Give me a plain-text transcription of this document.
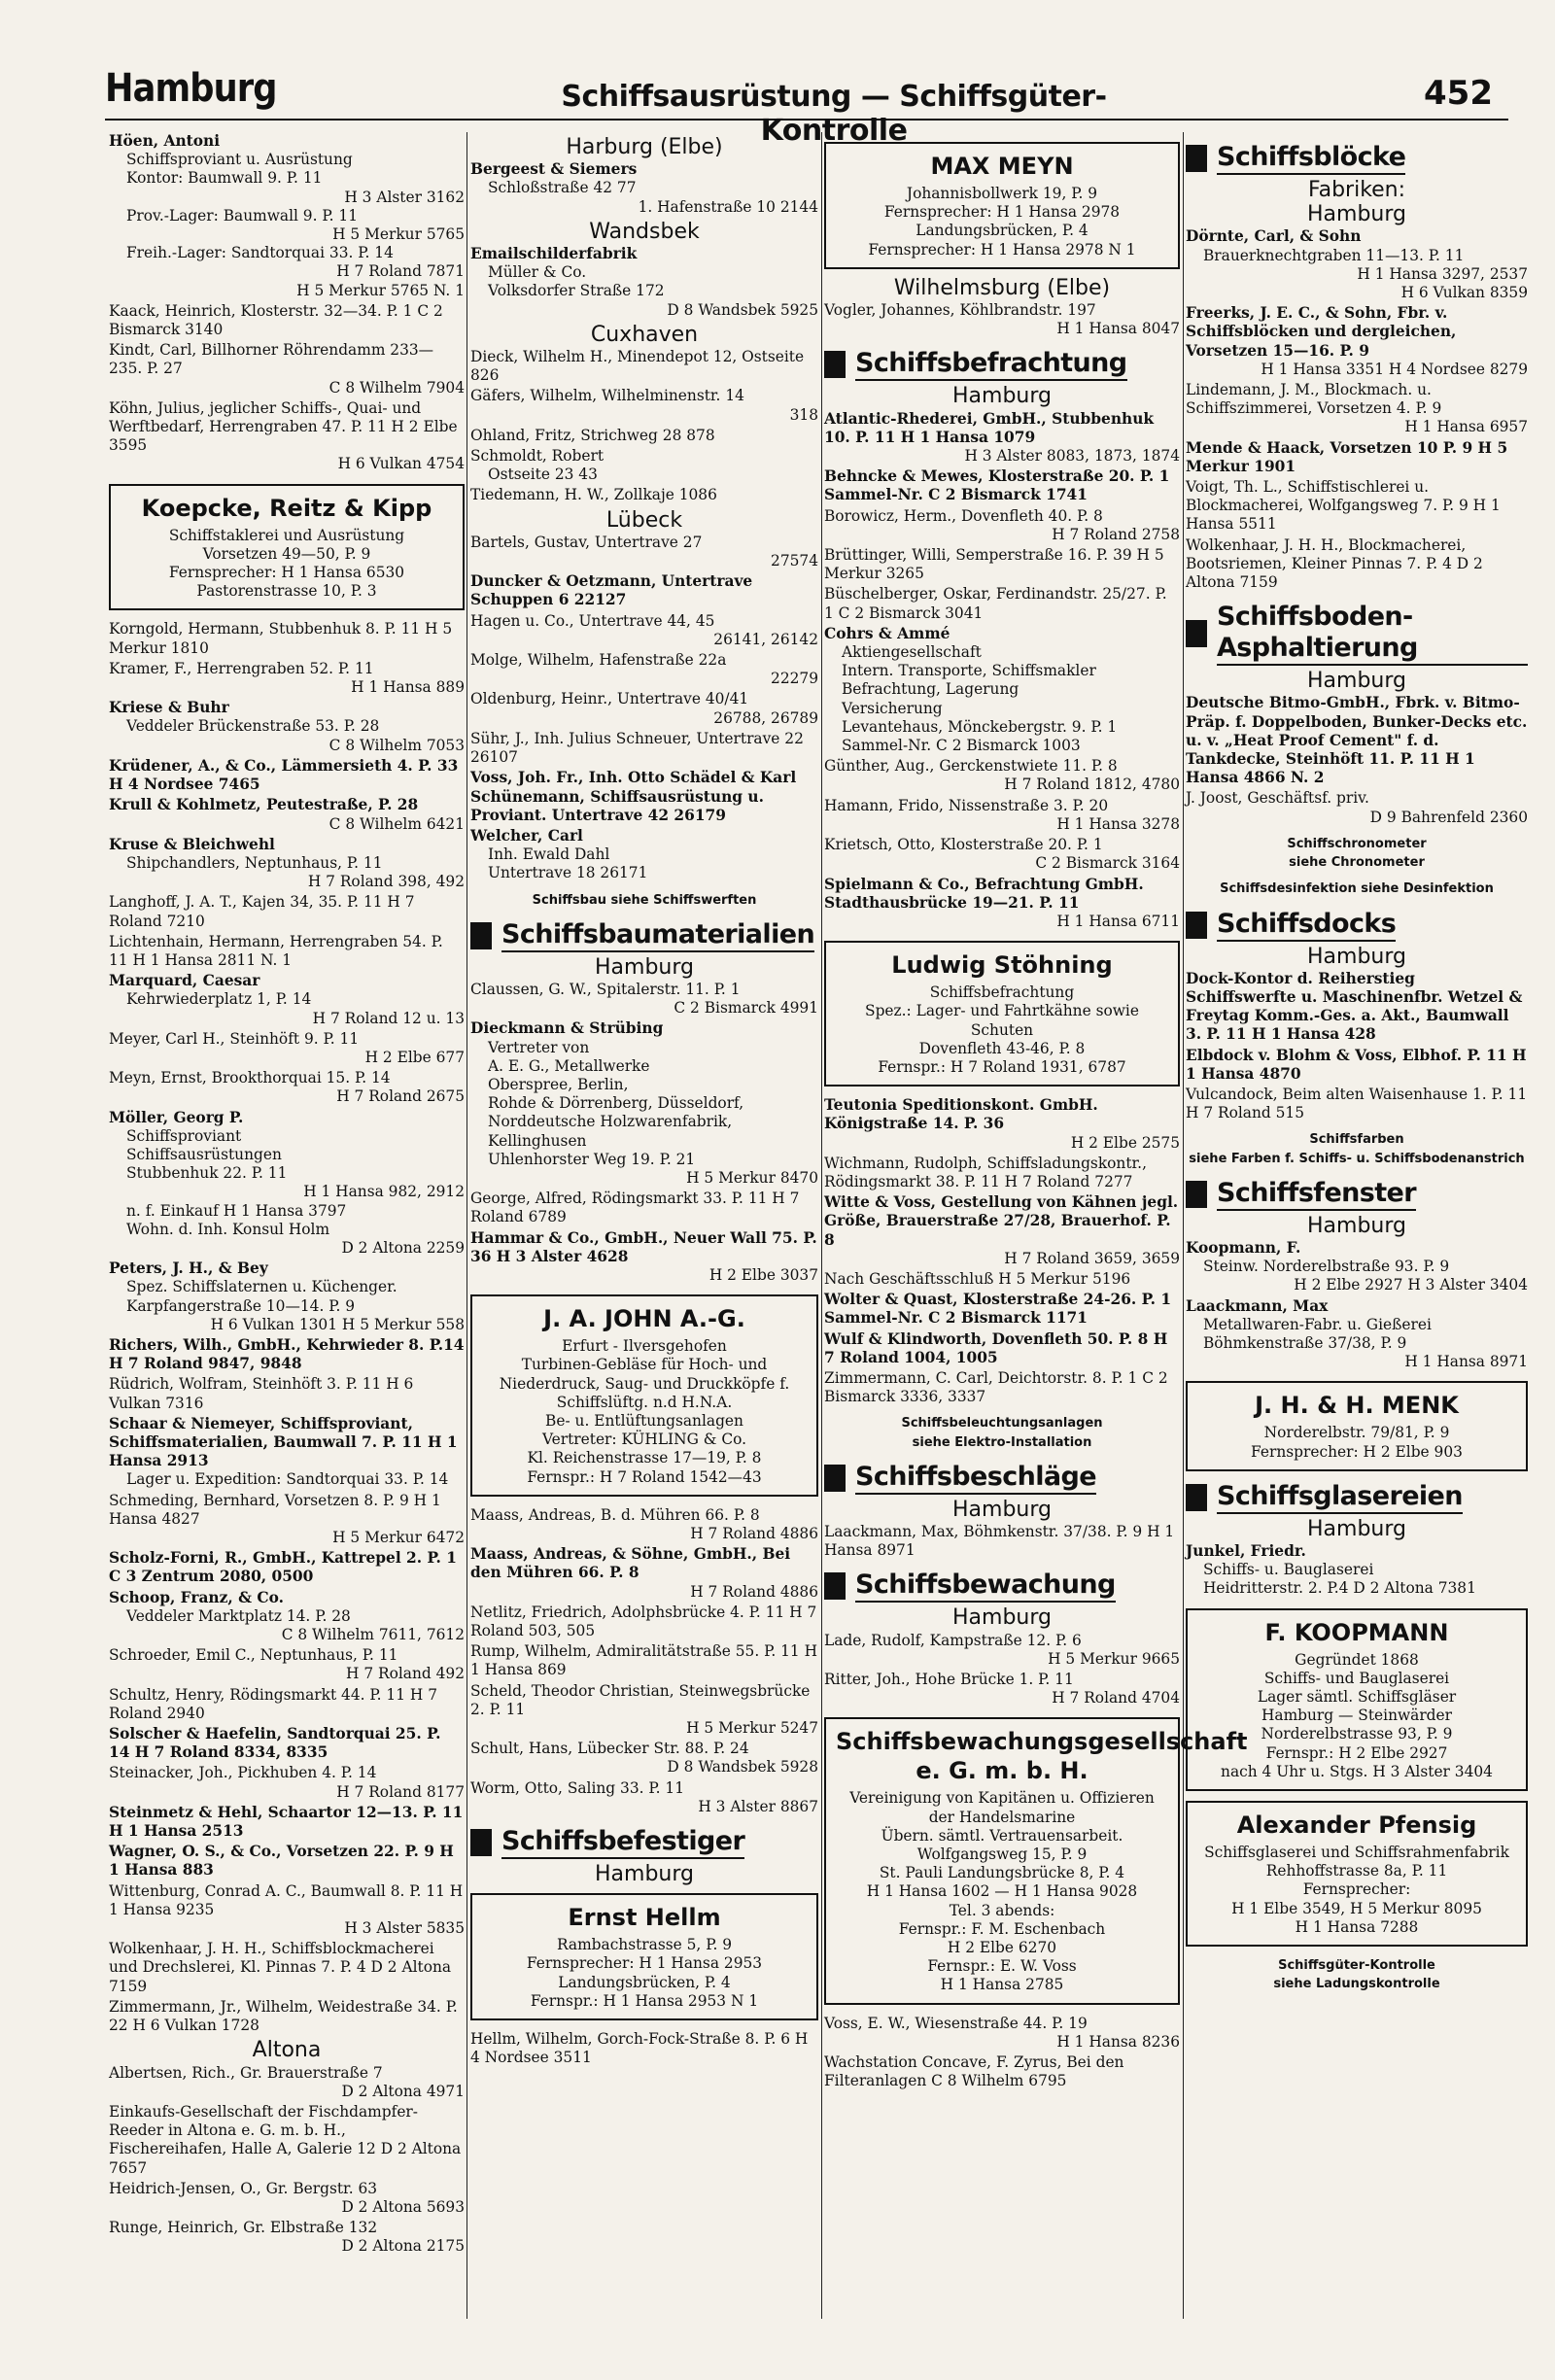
Hamburg	Schiffsausrüstung — Schiffsgüter-Kontrolle
452
Höen, Antoni
Schiffsproviant u. Ausrüstung
Kontor: Baumwall 9. P. 11
H 3 Alster 3162
Prov.-Lager: Baumwall 9. P. 11
H 5 Merkur 5765
Freih.-Lager: Sandtorquai 33. P. 14
H 7 Roland 7871
H 5 Merkur 5765 N. 1
Kaack, Heinrich, Klosterstr. 32—34. P. 1 C 2 Bismarck 3140
Kindt, Carl, Billhorner Röhrendamm 233—235. P. 27
C 8 Wilhelm 7904
Köhn, Julius, jeglicher Schiffs-, Quai- und Werftbedarf, Herrengraben 47. P. 11 H 2 Elbe 3595
H 6 Vulkan 4754
Koepcke, Reitz & Kipp
Schiffstaklerei und Ausrüstung
Vorsetzen 49—50, P. 9
Fernsprecher: H 1 Hansa 6530
Pastorenstrasse 10, P. 3
Korngold, Hermann, Stubbenhuk 8. P. 11 H 5 Merkur 1810
Kramer, F., Herrengraben 52. P. 11
H 1 Hansa 889
Kriese & Buhr
Veddeler Brückenstraße 53. P. 28
C 8 Wilhelm 7053
Krüdener, A., & Co., Lämmersieth 4. P. 33 H 4 Nordsee 7465
Krull & Kohlmetz, Peutestraße, P. 28
C 8 Wilhelm 6421
Kruse & Bleichwehl
Shipchandlers, Neptunhaus, P. 11
H 7 Roland 398, 492
Langhoff, J. A. T., Kajen 34, 35. P. 11 H 7 Roland 7210
Lichtenhain, Hermann, Herrengraben 54. P. 11 H 1 Hansa 2811 N. 1
Marquard, Caesar
Kehrwiederplatz 1, P. 14
H 7 Roland 12 u. 13
Meyer, Carl H., Steinhöft 9. P. 11
H 2 Elbe 677
Meyn, Ernst, Brookthorquai 15. P. 14
H 7 Roland 2675
Möller, Georg P.
Schiffsproviant
Schiffsausrüstungen
Stubbenhuk 22. P. 11
H 1 Hansa 982, 2912
n. f. Einkauf H 1 Hansa 3797
Wohn. d. Inh. Konsul Holm
D 2 Altona 2259
Peters, J. H., & Bey
Spez. Schiffslaternen u. Küchenger.
Karpfangerstraße 10—14. P. 9
H 6 Vulkan 1301 H 5 Merkur 558
Richers, Wilh., GmbH., Kehrwieder 8. P.14 H 7 Roland 9847, 9848
Rüdrich, Wolfram, Steinhöft 3. P. 11 H 6 Vulkan 7316
Schaar & Niemeyer, Schiffsproviant, Schiffsmaterialien, Baumwall 7. P. 11 H 1 Hansa 2913
Lager u. Expedition: Sandtorquai 33. P. 14
Schmeding, Bernhard, Vorsetzen 8. P. 9 H 1 Hansa 4827
H 5 Merkur 6472
Scholz-Forni, R., GmbH., Kattrepel 2. P. 1 C 3 Zentrum 2080, 0500
Schoop, Franz, & Co.
Veddeler Marktplatz 14. P. 28
C 8 Wilhelm 7611, 7612
Schroeder, Emil C., Neptunhaus, P. 11
H 7 Roland 492
Schultz, Henry, Rödingsmarkt 44. P. 11 H 7 Roland 2940
Solscher & Haefelin, Sandtorquai 25. P. 14 H 7 Roland 8334, 8335
Steinacker, Joh., Pickhuben 4. P. 14
H 7 Roland 8177
Steinmetz & Hehl, Schaartor 12—13. P. 11 H 1 Hansa 2513
Wagner, O. S., & Co., Vorsetzen 22. P. 9 H 1 Hansa 883
Wittenburg, Conrad A. C., Baumwall 8. P. 11 H 1 Hansa 9235
H 3 Alster 5835
Wolkenhaar, J. H. H., Schiffsblockmacherei und Drechslerei, Kl. Pinnas 7. P. 4 D 2 Altona 7159
Zimmermann, Jr., Wilhelm, Weidestraße 34. P. 22 H 6 Vulkan 1728
Altona
Albertsen, Rich., Gr. Brauerstraße 7
D 2 Altona 4971
Einkaufs-Gesellschaft der Fischdampfer-Reeder in Altona e. G. m. b. H., Fischereihafen, Halle A, Galerie 12 D 2 Altona 7657
Heidrich-Jensen, O., Gr. Bergstr. 63
D 2 Altona 5693
Runge, Heinrich, Gr. Elbstraße 132
D 2 Altona 2175
Harburg (Elbe)
Bergeest & Siemers
Schloßstraße 42 77
1. Hafenstraße 10 2144
Wandsbek
Emailschilderfabrik
Müller & Co.
Volksdorfer Straße 172
D 8 Wandsbek 5925
Cuxhaven
Dieck, Wilhelm H., Minendepot 12, Ostseite 826
Gäfers, Wilhelm, Wilhelminenstr. 14
318
Ohland, Fritz, Strichweg 28 878
Schmoldt, Robert
Ostseite 23 43
Tiedemann, H. W., Zollkaje 1086
Lübeck
Bartels, Gustav, Untertrave 27
27574
Duncker & Oetzmann, Untertrave Schuppen 6 22127
Hagen u. Co., Untertrave 44, 45
26141, 26142
Molge, Wilhelm, Hafenstraße 22a
22279
Oldenburg, Heinr., Untertrave 40/41
26788, 26789
Sühr, J., Inh. Julius Schneuer, Untertrave 22 26107
Voss, Joh. Fr., Inh. Otto Schädel & Karl Schünemann, Schiffsausrüstung u. Proviant. Untertrave 42 26179
Welcher, Carl
Inh. Ewald Dahl
Untertrave 18 26171
Schiffsbau siehe Schiffswerften
Schiffsbaumaterialien
Hamburg
Claussen, G. W., Spitalerstr. 11. P. 1
C 2 Bismarck 4991
Dieckmann & Strübing
Vertreter von
A. E. G., Metallwerke
Oberspree, Berlin,
Rohde & Dörrenberg, Düsseldorf,
Norddeutsche Holzwarenfabrik,
Kellinghusen
Uhlenhorster Weg 19. P. 21
H 5 Merkur 8470
George, Alfred, Rödingsmarkt 33. P. 11 H 7 Roland 6789
Hammar & Co., GmbH., Neuer Wall 75. P. 36 H 3 Alster 4628
H 2 Elbe 3037
J. A. JOHN A.-G.
Erfurt - Ilversgehofen
Turbinen-Gebläse für Hoch- und Niederdruck, Saug- und Druckköpfe f. Schiffslüftg. n.d H.N.A.
Be- u. Entlüftungsanlagen
Vertreter: KÜHLING & Co.
Kl. Reichenstrasse 17—19, P. 8
Fernspr.: H 7 Roland 1542—43
Maass, Andreas, B. d. Mühren 66. P. 8
H 7 Roland 4886
Maass, Andreas, & Söhne, GmbH., Bei den Mühren 66. P. 8
H 7 Roland 4886
Netlitz, Friedrich, Adolphsbrücke 4. P. 11 H 7 Roland 503, 505
Rump, Wilhelm, Admiralitätstraße 55. P. 11 H 1 Hansa 869
Scheld, Theodor Christian, Steinwegsbrücke 2. P. 11
H 5 Merkur 5247
Schult, Hans, Lübecker Str. 88. P. 24
D 8 Wandsbek 5928
Worm, Otto, Saling 33. P. 11
H 3 Alster 8867
Schiffsbefestiger
Hamburg
Ernst Hellm
Rambachstrasse 5, P. 9
Fernsprecher: H 1 Hansa 2953
Landungsbrücken, P. 4
Fernspr.: H 1 Hansa 2953 N 1
Hellm, Wilhelm, Gorch-Fock-Straße 8. P. 6 H 4 Nordsee 3511
MAX MEYN
Johannisbollwerk 19, P. 9
Fernsprecher: H 1 Hansa 2978
Landungsbrücken, P. 4
Fernsprecher: H 1 Hansa 2978 N 1
Wilhelmsburg (Elbe)
Vogler, Johannes, Köhlbrandstr. 197
H 1 Hansa 8047
Schiffsbefrachtung
Hamburg
Atlantic-Rhederei, GmbH., Stubbenhuk 10. P. 11 H 1 Hansa 1079
H 3 Alster 8083, 1873, 1874
Behncke & Mewes, Klosterstraße 20. P. 1 Sammel-Nr. C 2 Bismarck 1741
Borowicz, Herm., Dovenfleth 40. P. 8
H 7 Roland 2758
Brüttinger, Willi, Semperstraße 16. P. 39 H 5 Merkur 3265
Büschelberger, Oskar, Ferdinandstr. 25/27. P. 1 C 2 Bismarck 3041
Cohrs & Ammé
Aktiengesellschaft
Intern. Transporte, Schiffsmakler
Befrachtung, Lagerung
Versicherung
Levantehaus, Mönckebergstr. 9. P. 1
Sammel-Nr. C 2 Bismarck 1003
Günther, Aug., Gerckenstwiete 11. P. 8
H 7 Roland 1812, 4780
Hamann, Frido, Nissenstraße 3. P. 20
H 1 Hansa 3278
Krietsch, Otto, Klosterstraße 20. P. 1
C 2 Bismarck 3164
Spielmann & Co., Befrachtung GmbH. Stadthausbrücke 19—21. P. 11
H 1 Hansa 6711
Ludwig Stöhning
Schiffsbefrachtung
Spez.: Lager- und Fahrtkähne sowie Schuten
Dovenfleth 43-46, P. 8
Fernspr.: H 7 Roland 1931, 6787
Teutonia Speditionskont. GmbH. Königstraße 14. P. 36
H 2 Elbe 2575
Wichmann, Rudolph, Schiffsladungskontr., Rödingsmarkt 38. P. 11 H 7 Roland 7277
Witte & Voss, Gestellung von Kähnen jegl. Größe, Brauerstraße 27/28, Brauerhof. P. 8
H 7 Roland 3659, 3659
Nach Geschäftsschluß H 5 Merkur 5196
Wolter & Quast, Klosterstraße 24-26. P. 1 Sammel-Nr. C 2 Bismarck 1171
Wulf & Klindworth, Dovenfleth 50. P. 8 H 7 Roland 1004, 1005
Zimmermann, C. Carl, Deichtorstr. 8. P. 1 C 2 Bismarck 3336, 3337
Schiffsbeleuchtungsanlagen
siehe Elektro-Installation
Schiffsbeschläge
Hamburg
Laackmann, Max, Böhmkenstr. 37/38. P. 9 H 1 Hansa 8971
Schiffsbewachung
Hamburg
Lade, Rudolf, Kampstraße 12. P. 6
H 5 Merkur 9665
Ritter, Joh., Hohe Brücke 1. P. 11
H 7 Roland 4704
Schiffsbewachungsgesellschaft e. G. m. b. H.
Vereinigung von Kapitänen u. Offizieren der Handelsmarine
Übern. sämtl. Vertrauensarbeit.
Wolfgangsweg 15, P. 9
St. Pauli Landungsbrücke 8, P. 4
H 1 Hansa 1602 — H 1 Hansa 9028
Tel. 3 abends:
Fernspr.: F. M. Eschenbach
H 2 Elbe 6270
Fernspr.: E. W. Voss
H 1 Hansa 2785
Voss, E. W., Wiesenstraße 44. P. 19
H 1 Hansa 8236
Wachstation Concave, F. Zyrus, Bei den Filteranlagen C 8 Wilhelm 6795
Schiffsblöcke
Fabriken:
Hamburg
Dörnte, Carl, & Sohn
Brauerknechtgraben 11—13. P. 11
H 1 Hansa 3297, 2537
H 6 Vulkan 8359
Freerks, J. E. C., & Sohn, Fbr. v. Schiffsblöcken und dergleichen, Vorsetzen 15—16. P. 9
H 1 Hansa 3351 H 4 Nordsee 8279
Lindemann, J. M., Blockmach. u. Schiffszimmerei, Vorsetzen 4. P. 9
H 1 Hansa 6957
Mende & Haack, Vorsetzen 10 P. 9 H 5 Merkur 1901
Voigt, Th. L., Schiffstischlerei u. Blockmacherei, Wolfgangsweg 7. P. 9 H 1 Hansa 5511
Wolkenhaar, J. H. H., Blockmacherei, Bootsriemen, Kleiner Pinnas 7. P. 4 D 2 Altona 7159
Schiffsboden-Asphaltierung
Hamburg
Deutsche Bitmo-GmbH., Fbrk. v. Bitmo-Präp. f. Doppelboden, Bunker-Decks etc. u. v. „Heat Proof Cement" f. d. Tankdecke, Steinhöft 11. P. 11 H 1 Hansa 4866 N. 2
J. Joost, Geschäftsf. priv.
D 9 Bahrenfeld 2360
Schiffschronometer
siehe Chronometer
Schiffsdesinfektion siehe Desinfektion
Schiffsdocks
Hamburg
Dock-Kontor d. Reiherstieg Schiffswerfte u. Maschinenfbr. Wetzel & Freytag Komm.-Ges. a. Akt., Baumwall 3. P. 11 H 1 Hansa 428
Elbdock v. Blohm & Voss, Elbhof. P. 11 H 1 Hansa 4870
Vulcandock, Beim alten Waisenhause 1. P. 11 H 7 Roland 515
Schiffsfarben
siehe Farben f. Schiffs- u. Schiffsbodenanstrich
Schiffsfenster
Hamburg
Koopmann, F.
Steinw. Norderelbstraße 93. P. 9
H 2 Elbe 2927 H 3 Alster 3404
Laackmann, Max
Metallwaren-Fabr. u. Gießerei
Böhmkenstraße 37/38, P. 9
H 1 Hansa 8971
J. H. & H. MENK
Norderelbstr. 79/81, P. 9
Fernsprecher: H 2 Elbe 903
Schiffsglasereien
Hamburg
Junkel, Friedr.
Schiffs- u. Bauglaserei
Heidritterstr. 2. P.4 D 2 Altona 7381
F. KOOPMANN
Gegründet 1868
Schiffs- und Bauglaserei
Lager sämtl. Schiffsgläser
Hamburg — Steinwärder
Norderelbstrasse 93, P. 9
Fernspr.: H 2 Elbe 2927
nach 4 Uhr u. Stgs. H 3 Alster 3404
Alexander Pfensig
Schiffsglaserei und Schiffsrahmenfabrik
Rehhoffstrasse 8a, P. 11
Fernsprecher:
H 1 Elbe 3549, H 5 Merkur 8095
H 1 Hansa 7288
Schiffsgüter-Kontrolle
siehe Ladungskontrolle
